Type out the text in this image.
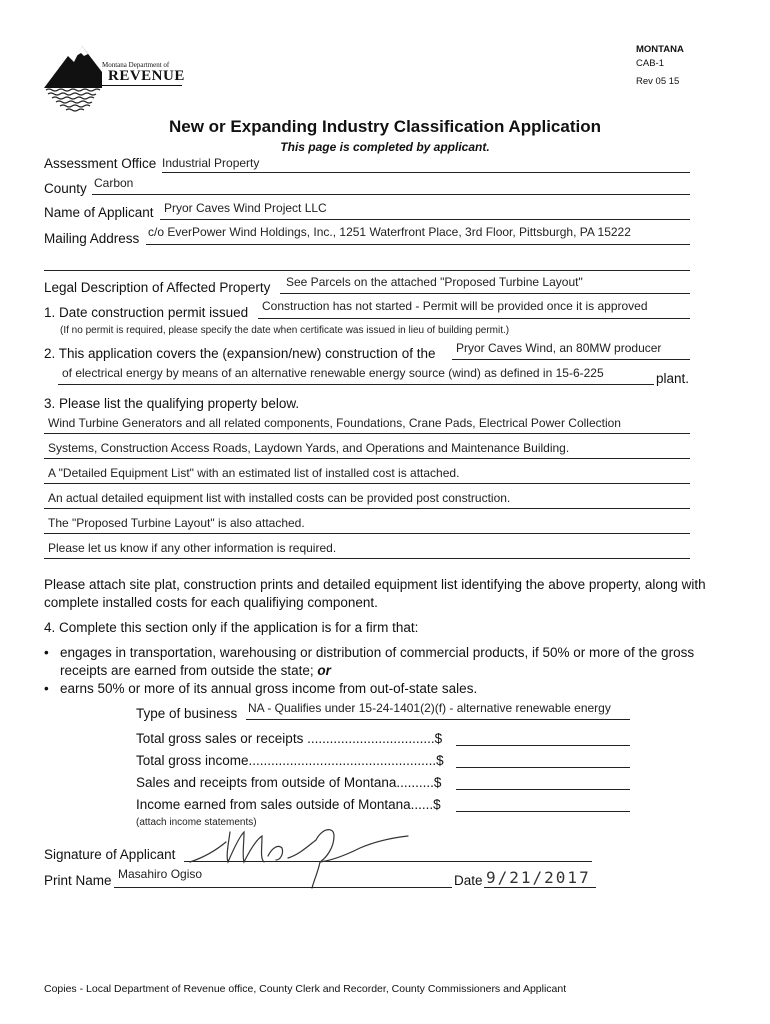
Montana Department of
REVENUE
MONTANA
CAB-1
Rev 05 15
New or Expanding Industry Classification Application
This page is completed by applicant.
Assessment Office Industrial Property
County Carbon
Name of Applicant Pryor Caves Wind Project LLC
Mailing Address c/o EverPower Wind Holdings, Inc., 1251 Waterfront Place, 3rd Floor, Pittsburgh, PA 15222
Legal Description of Affected Property See Parcels on the attached "Proposed Turbine Layout"
1. Date construction permit issued Construction has not started - Permit will be provided once it is approved
(If no permit is required, please specify the date when certificate was issued in lieu of building permit.)
2. This application covers the (expansion/new) construction of the Pryor Caves Wind, an 80MW producer
of electrical energy by means of an alternative renewable energy source (wind) as defined in 15-6-225	plant.
3. Please list the qualifying property below.
Wind Turbine Generators and all related components, Foundations, Crane Pads, Electrical Power Collection
Systems, Construction Access Roads, Laydown Yards, and Operations and Maintenance Building.
A "Detailed Equipment List" with an estimated list of installed cost is attached.
An actual detailed equipment list with installed costs can be provided post construction.
The "Proposed Turbine Layout" is also attached.
Please let us know if any other information is required.
Please attach site plat, construction prints and detailed equipment list identifying the above property, along with
complete installed costs for each qualifiying component.
4. Complete this section only if the application is for a firm that:
• engages in transportation, warehousing or distribution of commercial products, if 50% or more of the gross
receipts are earned from outside the state; or
• earns 50% or more of its annual gross income from out-of-state sales.
Type of business NA - Qualifies under 15-24-1401(2)(f) - alternative renewable energy
Total gross sales or receipts ..................................$
Total gross income..................................................$
Sales and receipts from outside of Montana..........$
Income earned from sales outside of Montana......$
(attach income statements)
Signature of Applicant
Print Name Masahiro Ogiso	Date 9/21/2017
Copies - Local Department of Revenue office, County Clerk and Recorder, County Commissioners and Applicant
